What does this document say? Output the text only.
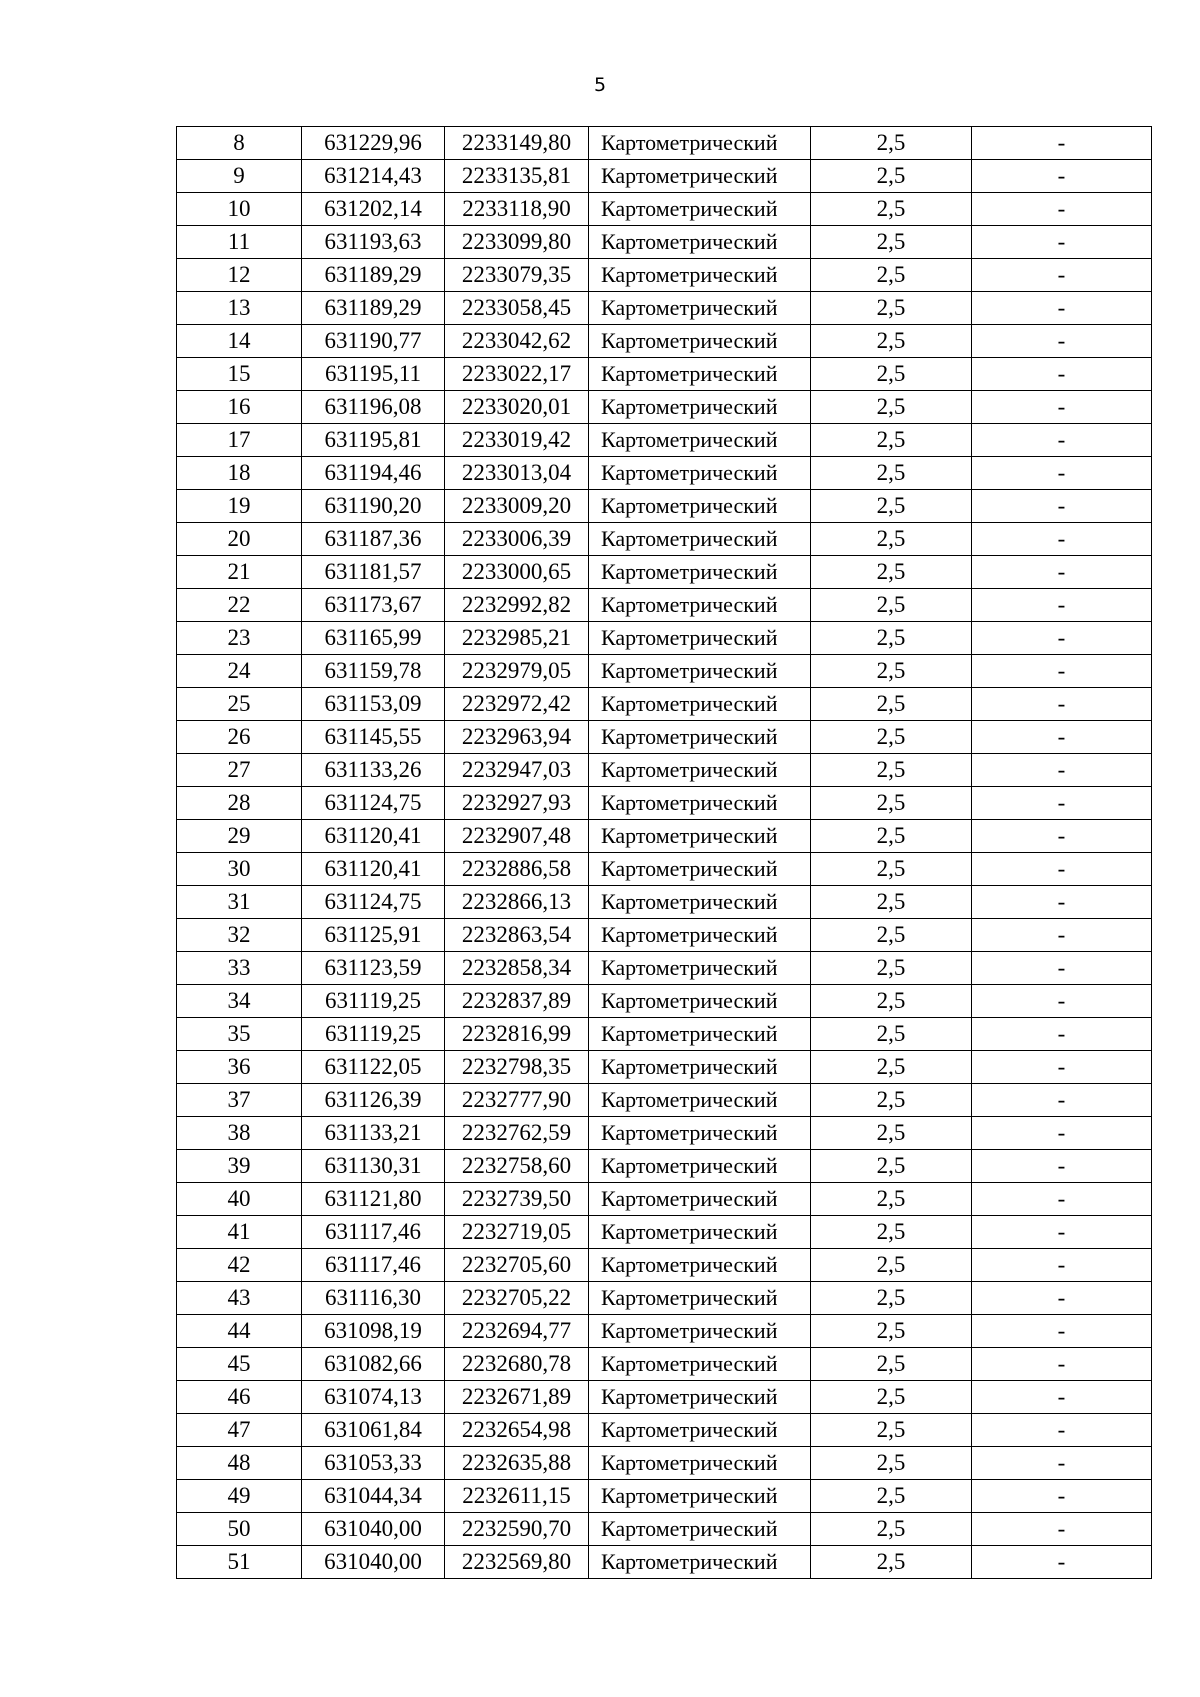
5
8	631229,96	2233149,80	Картометрический	2,5	-
9	631214,43	2233135,81	Картометрический	2,5	-
10	631202,14	2233118,90	Картометрический	2,5	-
11	631193,63	2233099,80	Картометрический	2,5	-
12	631189,29	2233079,35	Картометрический	2,5	-
13	631189,29	2233058,45	Картометрический	2,5	-
14	631190,77	2233042,62	Картометрический	2,5	-
15	631195,11	2233022,17	Картометрический	2,5	-
16	631196,08	2233020,01	Картометрический	2,5	-
17	631195,81	2233019,42	Картометрический	2,5	-
18	631194,46	2233013,04	Картометрический	2,5	-
19	631190,20	2233009,20	Картометрический	2,5	-
20	631187,36	2233006,39	Картометрический	2,5	-
21	631181,57	2233000,65	Картометрический	2,5	-
22	631173,67	2232992,82	Картометрический	2,5	-
23	631165,99	2232985,21	Картометрический	2,5	-
24	631159,78	2232979,05	Картометрический	2,5	-
25	631153,09	2232972,42	Картометрический	2,5	-
26	631145,55	2232963,94	Картометрический	2,5	-
27	631133,26	2232947,03	Картометрический	2,5	-
28	631124,75	2232927,93	Картометрический	2,5	-
29	631120,41	2232907,48	Картометрический	2,5	-
30	631120,41	2232886,58	Картометрический	2,5	-
31	631124,75	2232866,13	Картометрический	2,5	-
32	631125,91	2232863,54	Картометрический	2,5	-
33	631123,59	2232858,34	Картометрический	2,5	-
34	631119,25	2232837,89	Картометрический	2,5	-
35	631119,25	2232816,99	Картометрический	2,5	-
36	631122,05	2232798,35	Картометрический	2,5	-
37	631126,39	2232777,90	Картометрический	2,5	-
38	631133,21	2232762,59	Картометрический	2,5	-
39	631130,31	2232758,60	Картометрический	2,5	-
40	631121,80	2232739,50	Картометрический	2,5	-
41	631117,46	2232719,05	Картометрический	2,5	-
42	631117,46	2232705,60	Картометрический	2,5	-
43	631116,30	2232705,22	Картометрический	2,5	-
44	631098,19	2232694,77	Картометрический	2,5	-
45	631082,66	2232680,78	Картометрический	2,5	-
46	631074,13	2232671,89	Картометрический	2,5	-
47	631061,84	2232654,98	Картометрический	2,5	-
48	631053,33	2232635,88	Картометрический	2,5	-
49	631044,34	2232611,15	Картометрический	2,5	-
50	631040,00	2232590,70	Картометрический	2,5	-
51	631040,00	2232569,80	Картометрический	2,5	-
